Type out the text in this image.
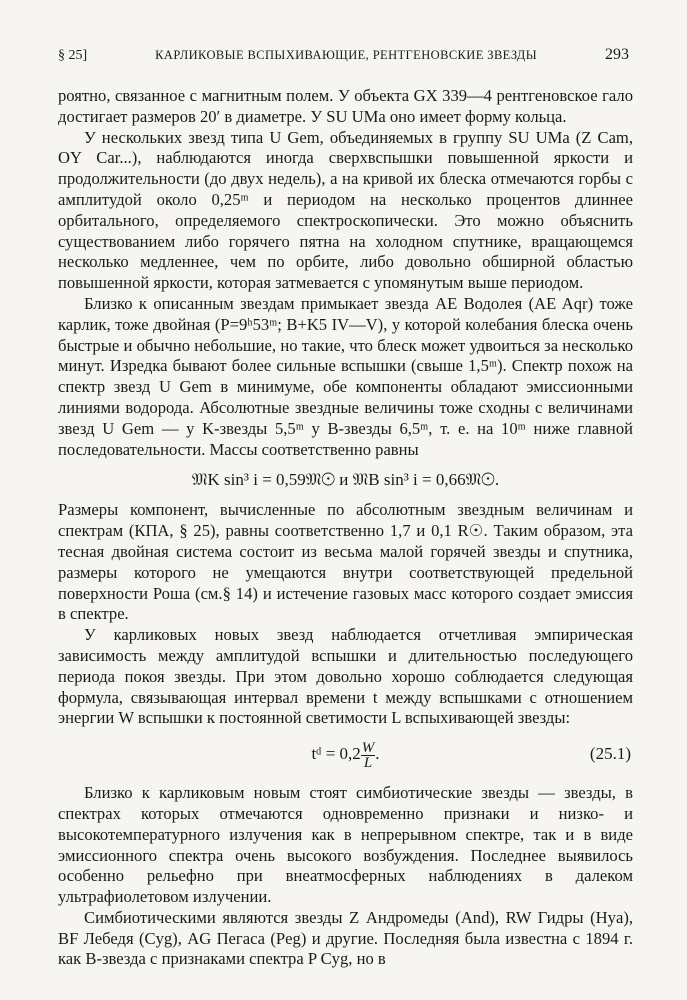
§ 25]	КАРЛИКОВЫЕ ВСПЫХИВАЮЩИЕ, РЕНТГЕНОВСКИЕ ЗВЕЗДЫ	293

роятно, связанное с магнитным полем. У объекта GX 339—4 рентгеновское гало достигает размеров 20′ в диаметре. У SU UMa оно имеет форму кольца.

У нескольких звезд типа U Gem, объединяемых в группу SU UMa (Z Cam, OY Car...), наблюдаются иногда сверхвспышки повышенной яркости и продолжительности (до двух недель), а на кривой их блеска отмечаются горбы с амплитудой около 0,25ᵐ и периодом на несколько процентов длиннее орбитального, определяемого спектроскопически. Это можно объяснить существованием либо горячего пятна на холодном спутнике, вращающемся несколько медленнее, чем по орбите, либо довольно обширной областью повышенной яркости, которая затмевается с упомянутым выше периодом.

Близко к описанным звездам примыкает звезда AE Водолея (AE Aqr) тоже карлик, тоже двойная (P=9ʰ53ᵐ; B+K5 IV—V), у которой колебания блеска очень быстрые и обычно небольшие, но такие, что блеск может удвоиться за несколько минут. Изредка бывают более сильные вспышки (свыше 1,5ᵐ). Спектр похож на спектр звезд U Gem в минимуме, обе компоненты обладают эмиссионными линиями водорода. Абсолютные звездные величины тоже сходны с величинами звезд U Gem — у K-звезды 5,5ᵐ у B-звезды 6,5ᵐ, т. е. на 10ᵐ ниже главной последовательности. Массы соответственно равны

𝔐K sin³ i = 0,59𝔐☉ и 𝔐B sin³ i = 0,66𝔐☉.

Размеры компонент, вычисленные по абсолютным звездным величинам и спектрам (КПА, § 25), равны соответственно 1,7 и 0,1 R☉. Таким образом, эта тесная двойная система состоит из весьма малой горячей звезды и спутника, размеры которого не умещаются внутри соответствующей предельной поверхности Роша (см.§ 14) и истечение газовых масс которого создает эмиссия в спектре.

У карликовых новых звезд наблюдается отчетливая эмпирическая зависимость между амплитудой вспышки и длительностью последующего периода покоя звезды. При этом довольно хорошо соблюдается следующая формула, связывающая интервал времени t между вспышками с отношением энергии W вспышки к постоянной светимости L вспыхивающей звезды:

tᵈ = $0,2 \frac{W}{L}$ .	(25.1)

Близко к карликовым новым стоят симбиотические звезды — звезды, в спектрах которых отмечаются одновременно признаки и низко- и высокотемпературного излучения как в непрерывном спектре, так и в виде эмиссионного спектра очень высокого возбуждения. Последнее выявилось особенно рельефно при внеатмосферных наблюдениях в далеком ультрафиолетовом излучении.

Симбиотическими являются звезды Z Андромеды (And), RW Гидры (Hya), BF Лебедя (Cyg), AG Пегаса (Peg) и другие. Последняя была известна с 1894 г. как B-звезда с признаками спектра P Cyg, но в
